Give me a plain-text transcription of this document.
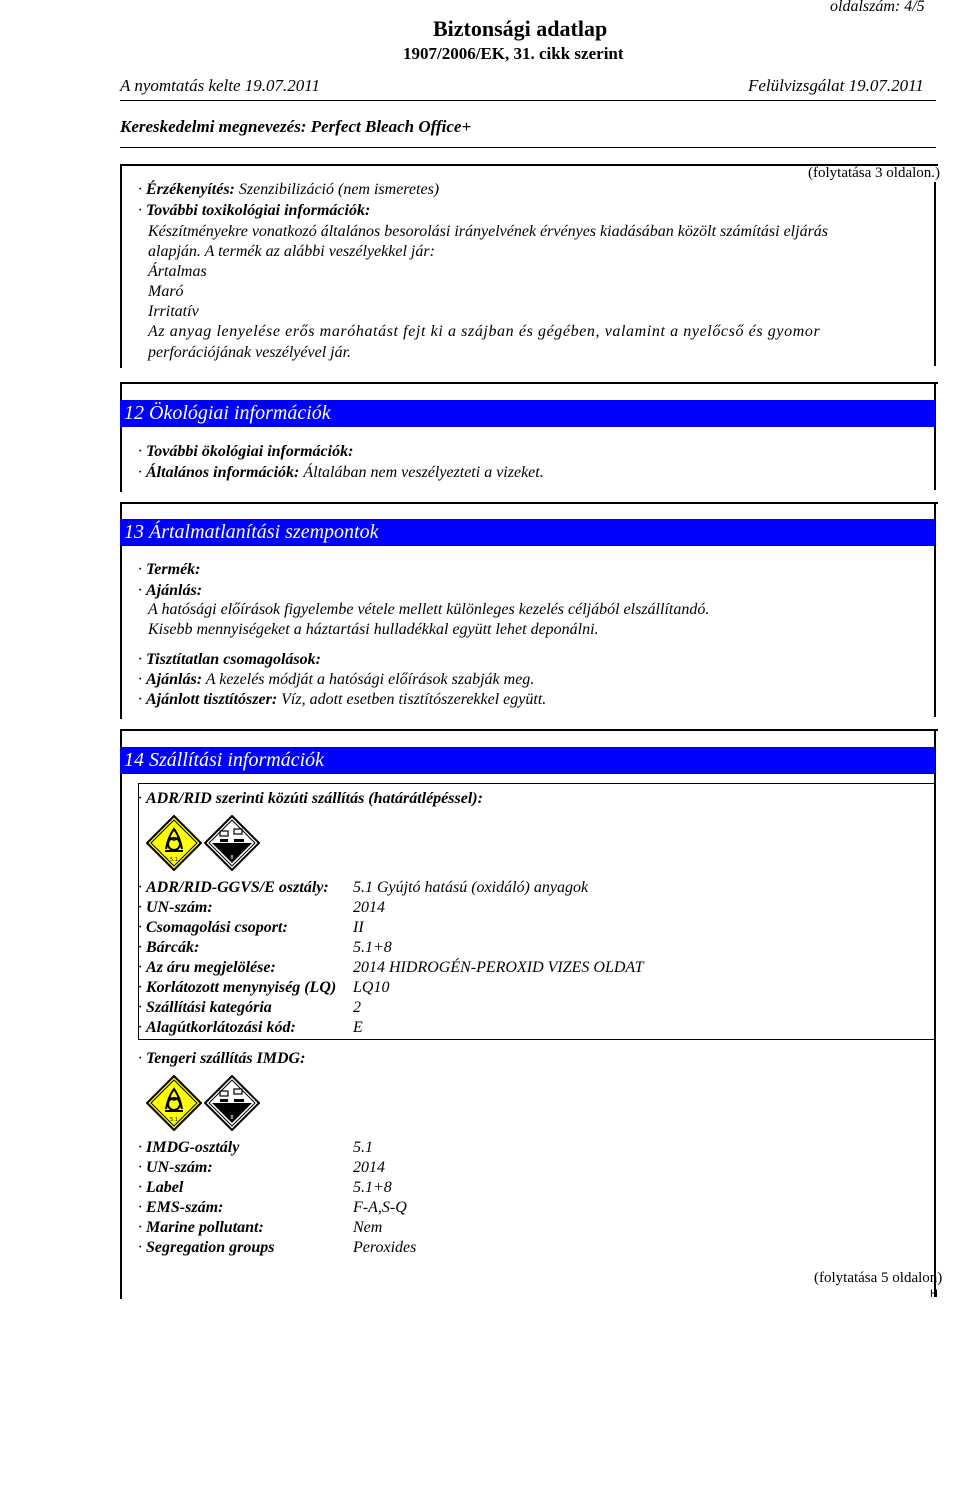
oldalszám: 4/5
Biztonsági adatlap
1907/2006/EK, 31. cikk szerint
A nyomtatás kelte 19.07.2011	Felülvizsgálat 19.07.2011
Kereskedelmi megnevezés: Perfect Bleach Office+
(folytatása 3 oldalon.)
· Érzékenyítés: Szenzibilizáció (nem ismeretes)
· További toxikológiai információk:
Készítményekre vonatkozó általános besorolási irányelvének érvényes kiadásában közölt számítási eljárás
alapján. A termék az alábbi veszélyekkel jár:
Ártalmas
Maró
Irritatív
Az anyag lenyelése erős maróhatást fejt ki a szájban és gégében, valamint a nyelőcső és gyomor
perforációjának veszélyével jár.
12 Ökológiai információk
· További ökológiai információk:
· Általános információk: Általában nem veszélyezteti a vizeket.
13 Ártalmatlanítási szempontok
· Termék:
· Ajánlás:
A hatósági előírások figyelembe vétele mellett különleges kezelés céljából elszállítandó.
Kisebb mennyiségeket a háztartási hulladékkal együtt lehet deponálni.
· Tisztítatlan csomagolások:
· Ajánlás: A kezelés módját a hatósági előírások szabják meg.
· Ajánlott tisztítószer: Víz, adott esetben tisztítószerekkel együtt.
14 Szállítási információk
· ADR/RID szerinti közúti szállítás (határátlépéssel):
5.1	8
· ADR/RID-GGVS/E osztály: 5.1 Gyújtó hatású (oxidáló) anyagok
· UN-szám:	2014
· Csomagolási csoport:	II
· Bárcák:	5.1+8
· Az áru megjelölése:	2014 HIDROGÉN-PEROXID VIZES OLDAT
· Korlátozott menynyiség (LQ) LQ10
· Szállítási kategória	2
· Alagútkorlátozási kód:	E
· Tengeri szállítás IMDG:
5.1	8
· IMDG-osztály	5.1
· UN-szám:	2014
· Label	5.1+8
· EMS-szám:	F-A,S-Q
· Marine pollutant:	Nem
· Segregation groups	Peroxides
(folytatása 5 oldalon)
H
